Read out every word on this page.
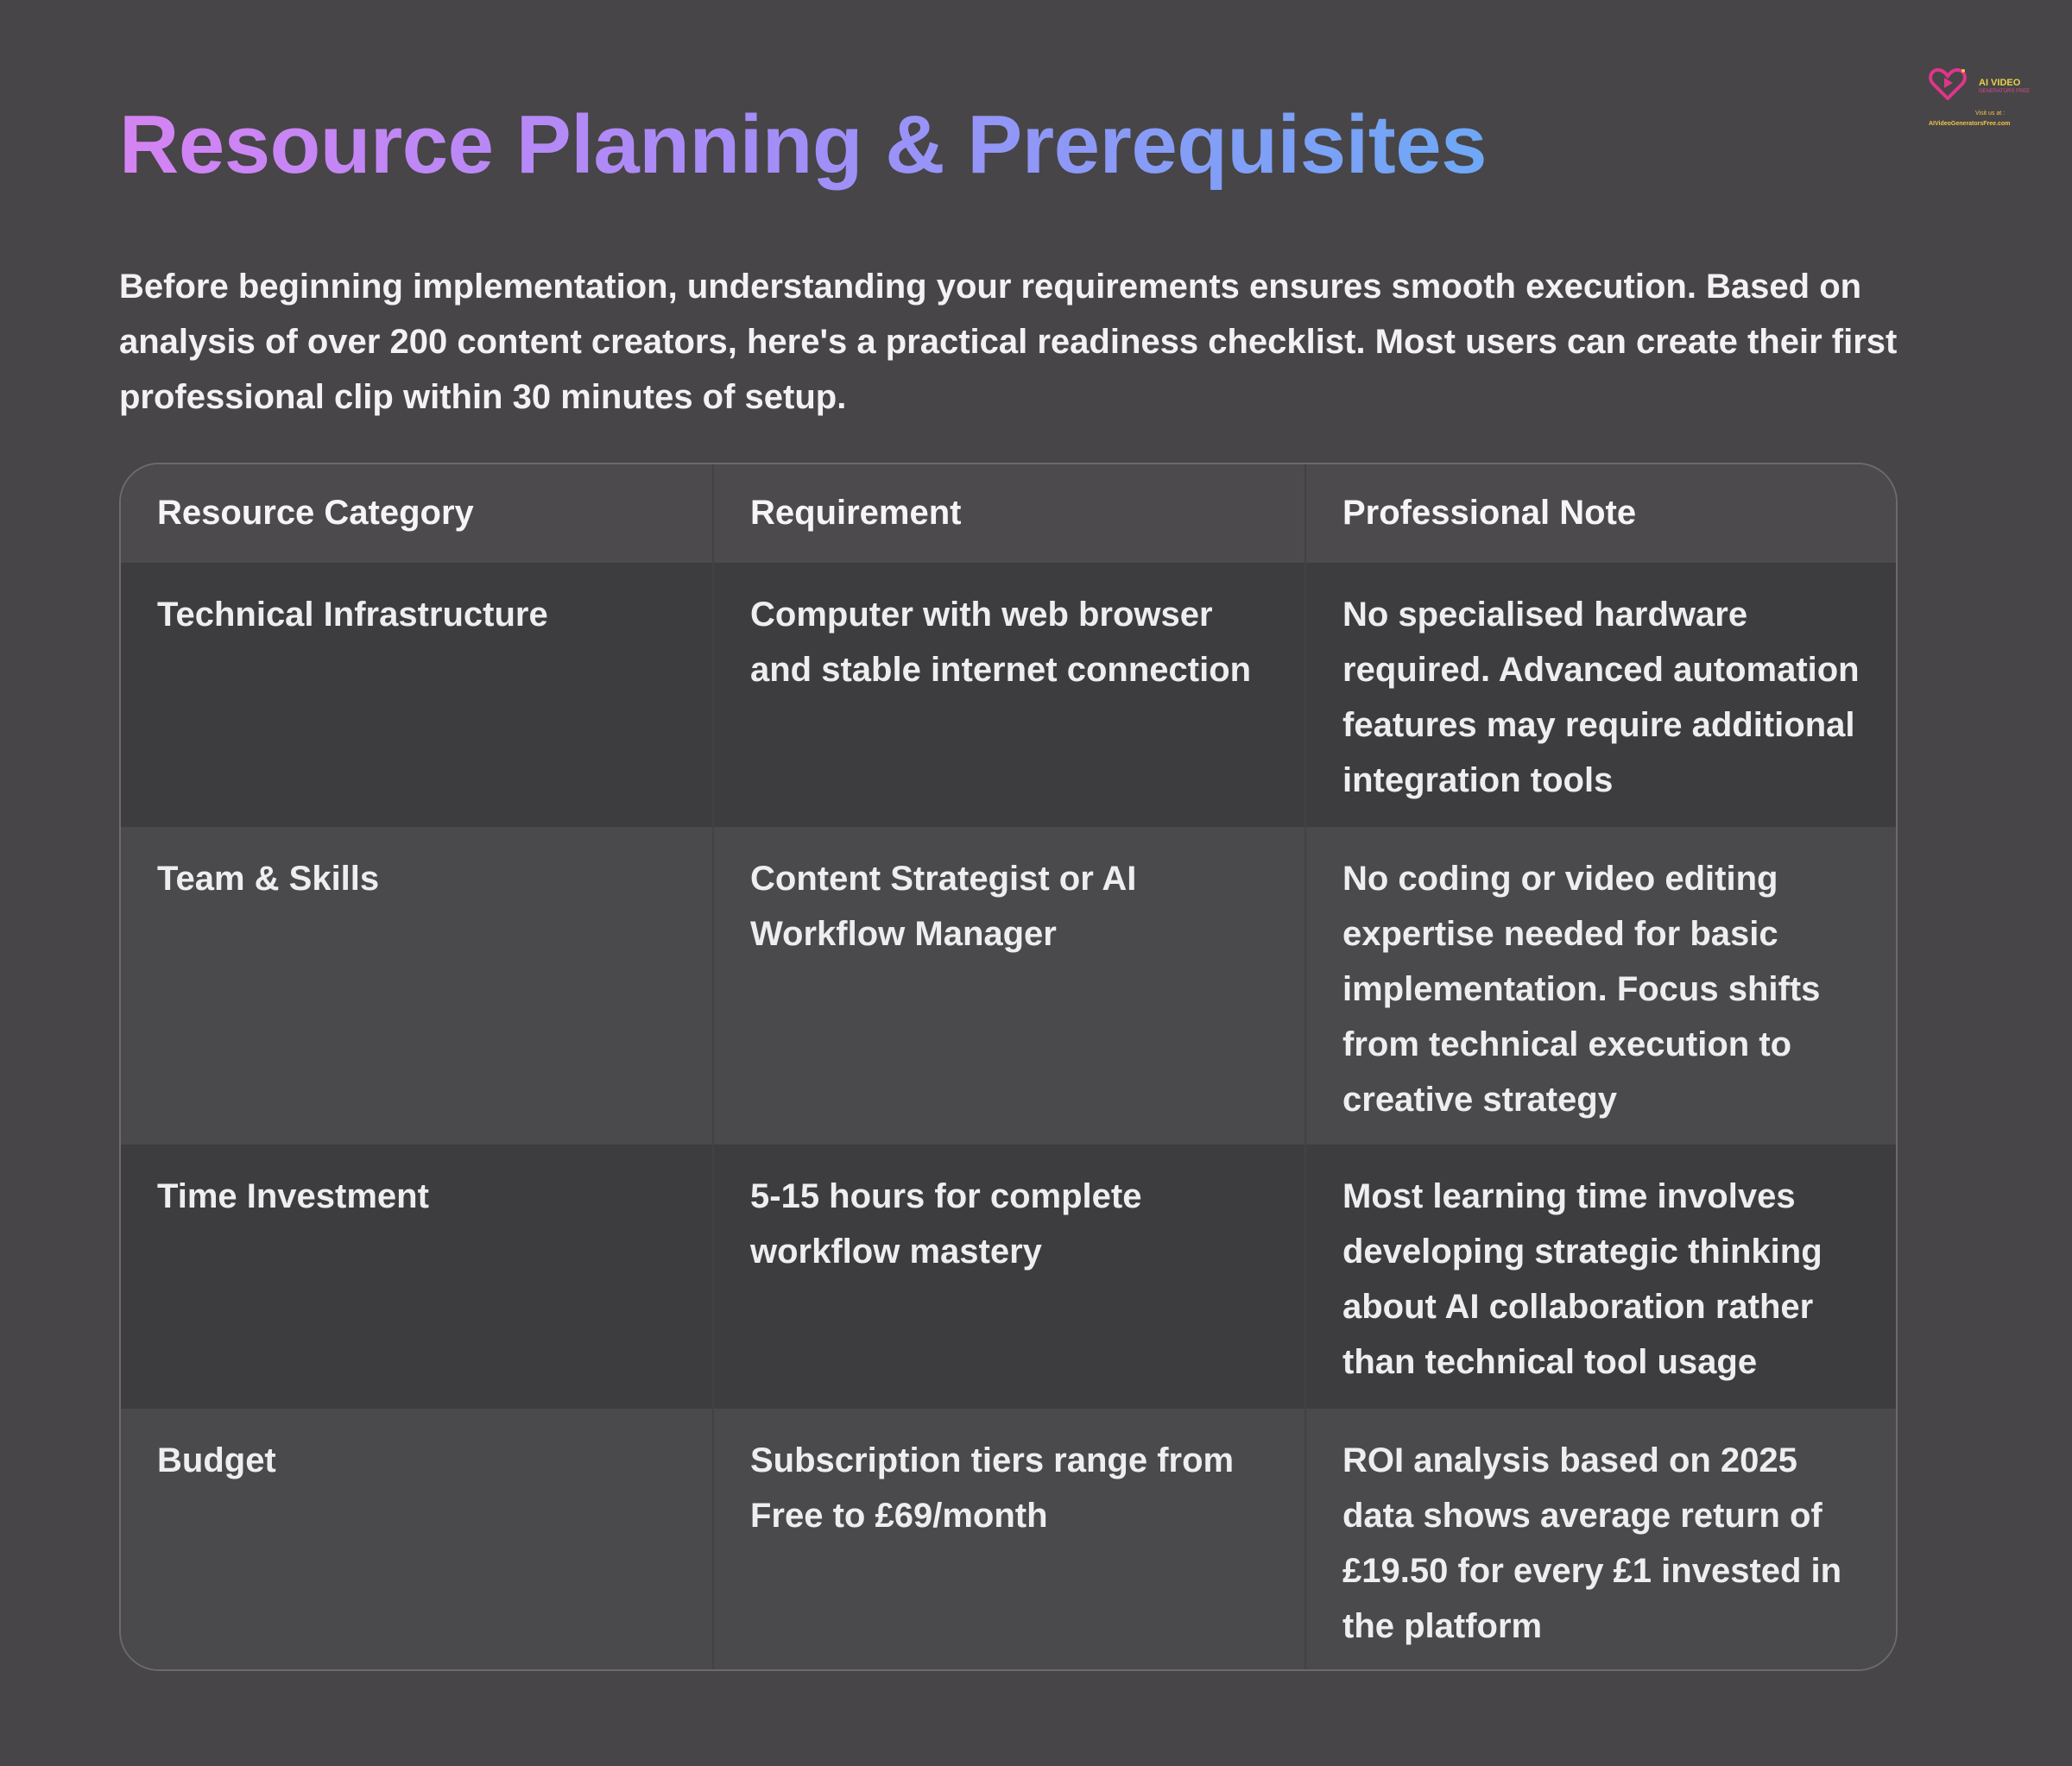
Resource Planning & Prerequisites
AI VIDEO
GENERATORS FREE
Visit us at :
AIVideoGeneratorsFree.com

Before beginning implementation, understanding your requirements ensures smooth execution. Based on analysis of over 200 content creators, here's a practical readiness checklist. Most users can create their first professional clip within 30 minutes of setup.

Resource Category	Requirement	Professional Note
Technical Infrastructure	Computer with web browser and stable internet connection	No specialised hardware required. Advanced automation features may require additional integration tools
Team & Skills	Content Strategist or AI Workflow Manager	No coding or video editing expertise needed for basic implementation. Focus shifts from technical execution to creative strategy
Time Investment	5-15 hours for complete workflow mastery	Most learning time involves developing strategic thinking about AI collaboration rather than technical tool usage
Budget	Subscription tiers range from Free to £69/month	ROI analysis based on 2025 data shows average return of £19.50 for every £1 invested in the platform
